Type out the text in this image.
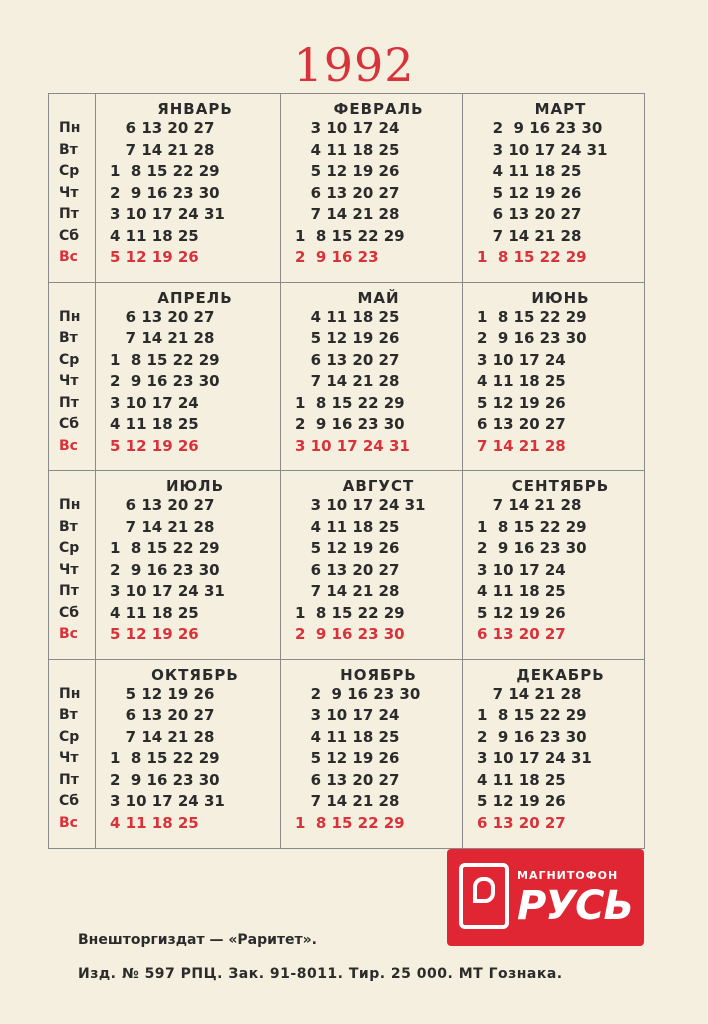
1992
Пн
Вт
Ср
Чт
Пт
Сб
Вс
ЯНВАРЬ
6 13 20 27
7 14 21 28
1  8 15 22 29
2  9 16 23 30
3 10 17 24 31
4 11 18 25
5 12 19 26
ФЕВРАЛЬ
3 10 17 24
4 11 18 25
5 12 19 26
6 13 20 27
7 14 21 28
1  8 15 22 29
2  9 16 23
МАРТ
2  9 16 23 30
3 10 17 24 31
4 11 18 25
5 12 19 26
6 13 20 27
7 14 21 28
1  8 15 22 29
Пн
Вт
Ср
Чт
Пт
Сб
Вс
АПРЕЛЬ
6 13 20 27
7 14 21 28
1  8 15 22 29
2  9 16 23 30
3 10 17 24
4 11 18 25
5 12 19 26
МАЙ
4 11 18 25
5 12 19 26
6 13 20 27
7 14 21 28
1  8 15 22 29
2  9 16 23 30
3 10 17 24 31
ИЮНЬ
1  8 15 22 29
2  9 16 23 30
3 10 17 24
4 11 18 25
5 12 19 26
6 13 20 27
7 14 21 28
Пн
Вт
Ср
Чт
Пт
Сб
Вс
ИЮЛЬ
6 13 20 27
7 14 21 28
1  8 15 22 29
2  9 16 23 30
3 10 17 24 31
4 11 18 25
5 12 19 26
АВГУСТ
3 10 17 24 31
4 11 18 25
5 12 19 26
6 13 20 27
7 14 21 28
1  8 15 22 29
2  9 16 23 30
СЕНТЯБРЬ
7 14 21 28
1  8 15 22 29
2  9 16 23 30
3 10 17 24
4 11 18 25
5 12 19 26
6 13 20 27
Пн
Вт
Ср
Чт
Пт
Сб
Вс
ОКТЯБРЬ
5 12 19 26
6 13 20 27
7 14 21 28
1  8 15 22 29
2  9 16 23 30
3 10 17 24 31
4 11 18 25
НОЯБРЬ
2  9 16 23 30
3 10 17 24
4 11 18 25
5 12 19 26
6 13 20 27
7 14 21 28
1  8 15 22 29
ДЕКАБРЬ
7 14 21 28
1  8 15 22 29
2  9 16 23 30
3 10 17 24 31
4 11 18 25
5 12 19 26
6 13 20 27
МАГНИТОФОН
РУСЬ
Внешторгиздат — «Раритет».
Изд. № 597 РПЦ. Зак. 91-8011. Тир. 25 000. МТ Гознака.
